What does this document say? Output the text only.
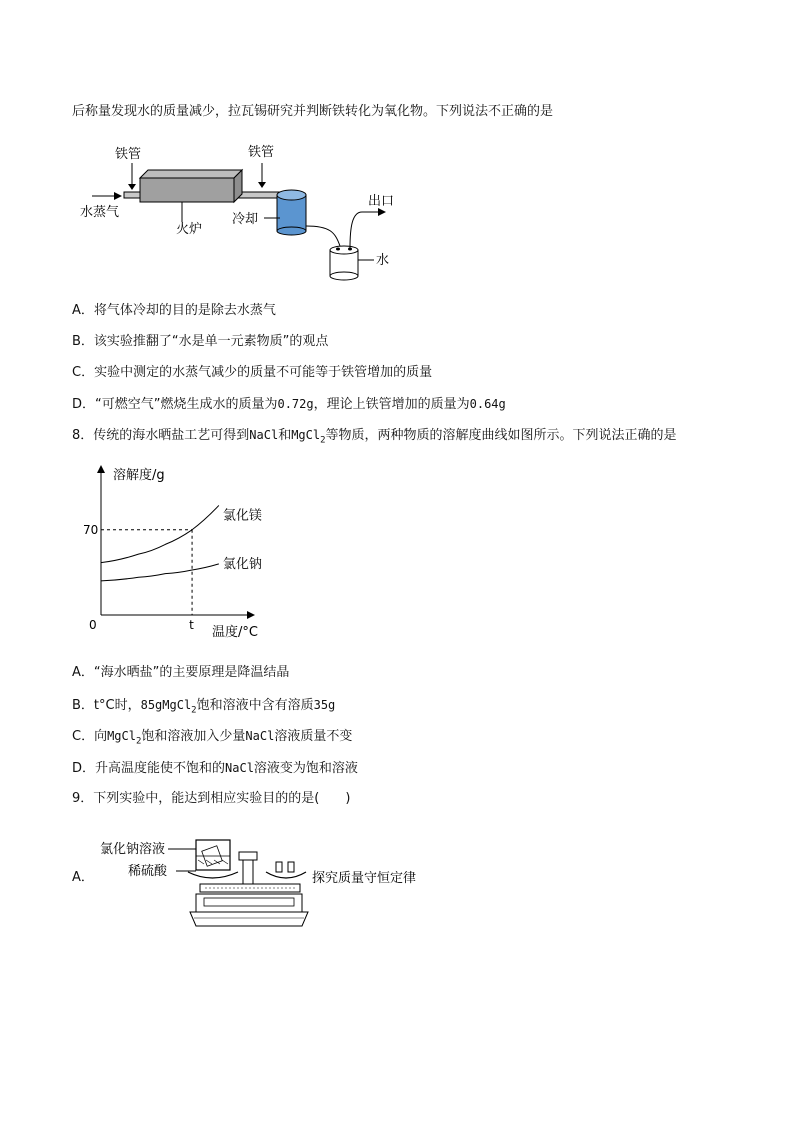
后称量发现水的质量减少，拉瓦锡研究并判断铁转化为氧化物。下列说法不正确的是
铁管	铁管
水蒸气
火炉
冷却
出口
水
A．将气体冷却的目的是除去水蒸气
B．该实验推翻了“水是单一元素物质”的观点
C．实验中测定的水蒸气减少的质量不可能等于铁管增加的质量
D．“可燃空气”燃烧生成水的质量为0.72g，理论上铁管增加的质量为0.64g
8．传统的海水晒盐工艺可得到NaCl和MgCl$_2$等物质，两种物质的溶解度曲线如图所示。下列说法正确的是
溶解度/g
温度/°C
0
70
t
氯化镁
氯化钠
A．“海水晒盐”的主要原理是降温结晶
B．t°C时，85gMgCl$_2$饱和溶液中含有溶质35g
C．向MgCl$_2$饱和溶液加入少量NaCl溶液质量不变
D．升高温度能使不饱和的NaCl溶液变为饱和溶液
9．下列实验中，能达到相应实验目的的是(　　)
A．
氯化钠溶液
稀硫酸	探究质量守恒定律
